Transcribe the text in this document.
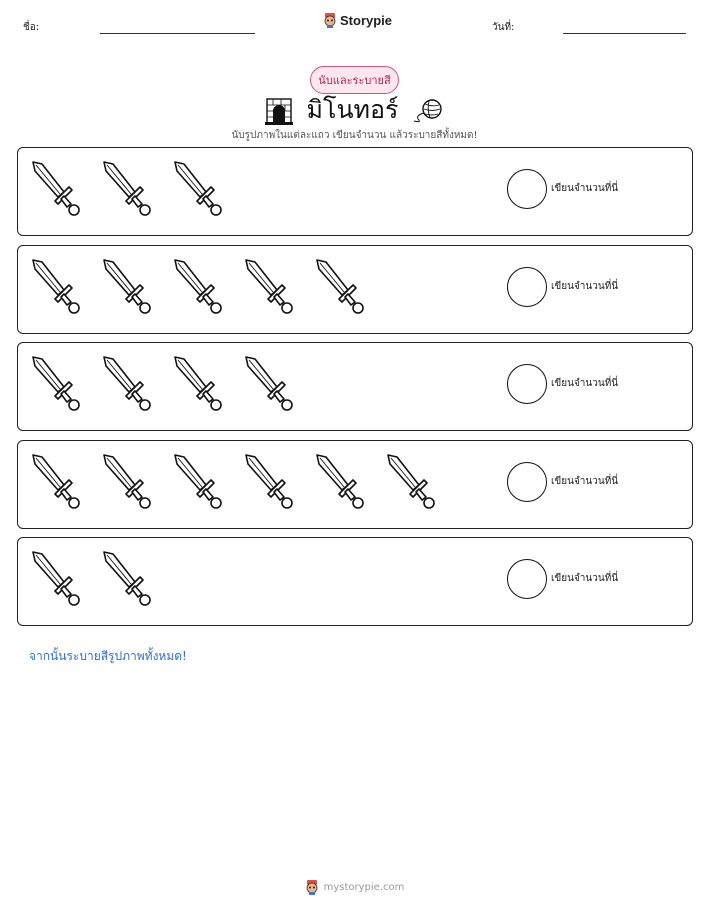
ชื่อ:	Storypie	วันที่:
นับและระบายสี
มิโนทอร์
นับรูปภาพในแต่ละแถว เขียนจำนวน แล้วระบายสีทั้งหมด!
เขียนจำนวนที่นี่
เขียนจำนวนที่นี่
เขียนจำนวนที่นี่
เขียนจำนวนที่นี่
เขียนจำนวนที่นี่
จากนั้นระบายสีรูปภาพทั้งหมด!
mystorypie.com
